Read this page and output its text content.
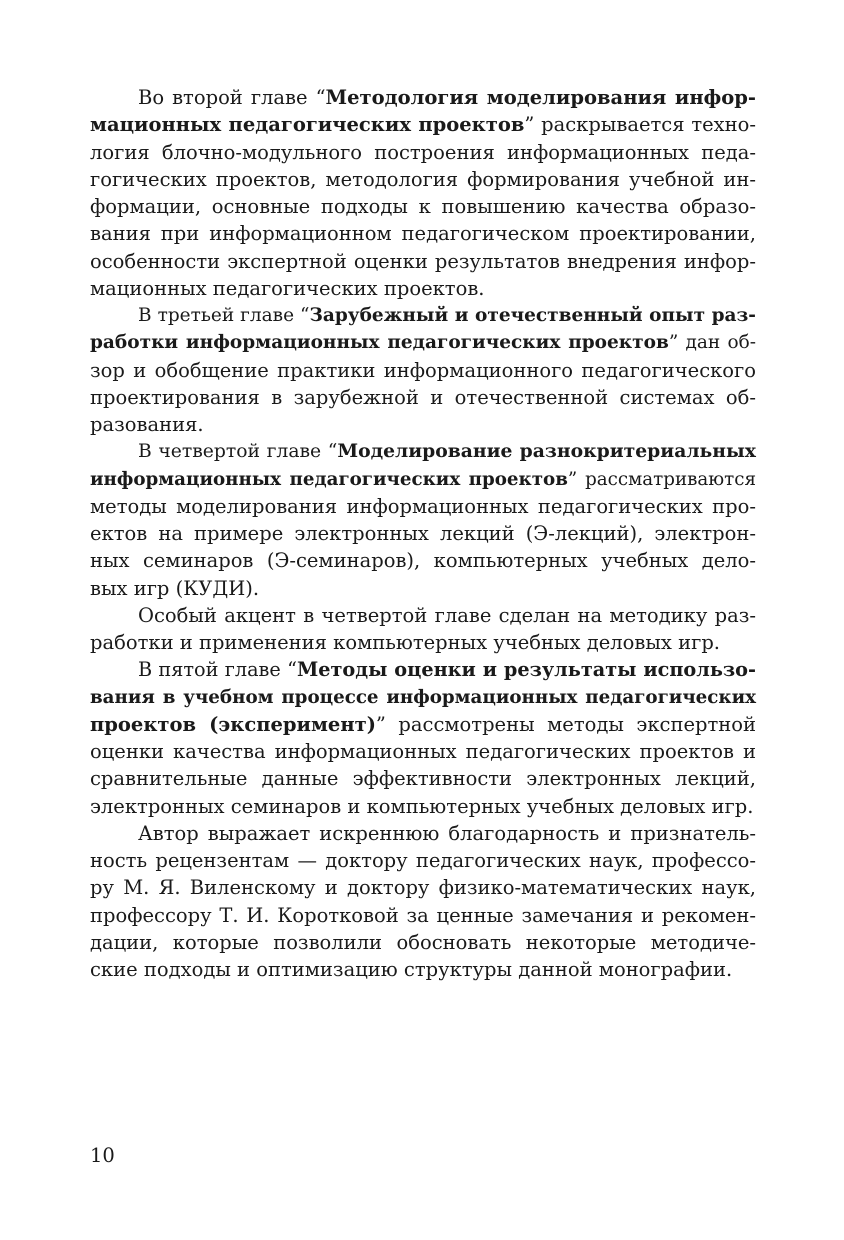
Во второй главе “Методология моделирования инфор-
мационных педагогических проектов” раскрывается техно-
логия блочно-модульного построения информационных педа-
гогических проектов, методология формирования учебной ин-
формации, основные подходы к повышению качества образо-
вания при информационном педагогическом проектировании,
особенности экспертной оценки результатов внедрения инфор-
мационных педагогических проектов.
В третьей главе “Зарубежный и отечественный опыт раз-
работки информационных педагогических проектов” дан об-
зор и обобщение практики информационного педагогического
проектирования в зарубежной и отечественной системах об-
разования.
В четвертой главе “Моделирование разнокритериальных
информационных педагогических проектов” рассматриваются
методы моделирования информационных педагогических про-
ектов на примере электронных лекций (Э-лекций), электрон-
ных семинаров (Э-семинаров), компьютерных учебных дело-
вых игр (КУДИ).
Особый акцент в четвертой главе сделан на методику раз-
работки и применения компьютерных учебных деловых игр.
В пятой главе “Методы оценки и результаты использо-
вания в учебном процессе информационных педагогических
проектов (эксперимент)” рассмотрены методы экспертной
оценки качества информационных педагогических проектов и
сравнительные данные эффективности электронных лекций,
электронных семинаров и компьютерных учебных деловых игр.
Автор выражает искреннюю благодарность и признатель-
ность рецензентам — доктору педагогических наук, профессо-
ру М. Я. Виленскому и доктору физико-математических наук,
профессору Т. И. Коротковой за ценные замечания и рекомен-
дации, которые позволили обосновать некоторые методиче-
ские подходы и оптимизацию структуры данной монографии.
10
